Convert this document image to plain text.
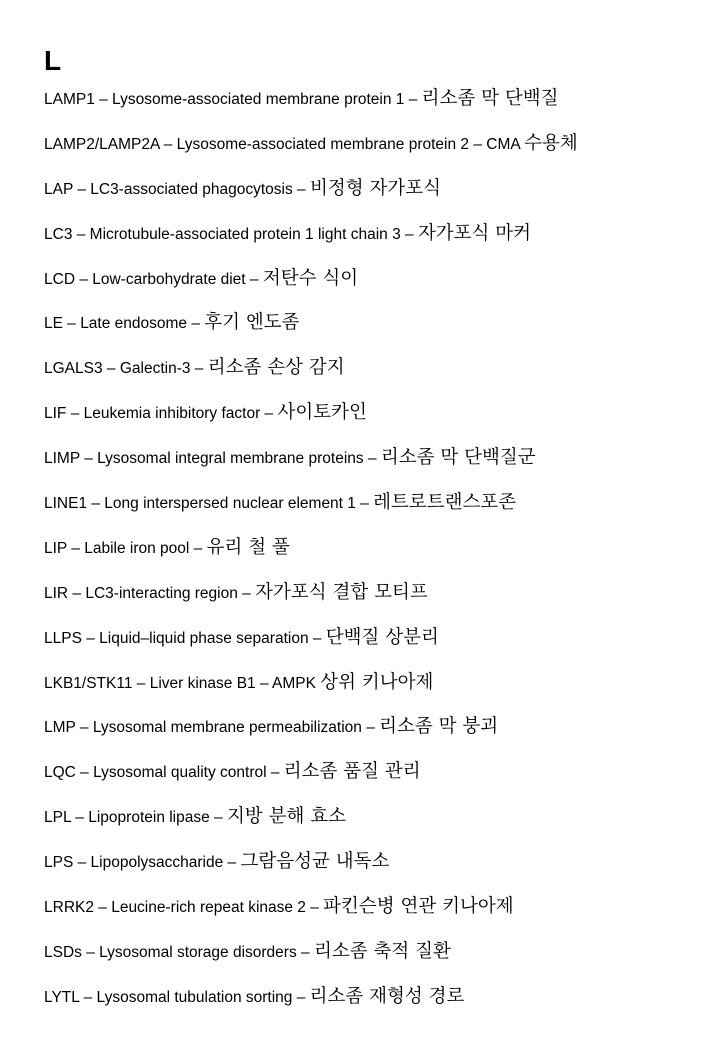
L
LAMP1 – Lysosome-associated membrane protein 1 – 리소좀 막 단백질
LAMP2/LAMP2A – Lysosome-associated membrane protein 2 – CMA 수용체
LAP – LC3-associated phagocytosis – 비정형 자가포식
LC3 – Microtubule-associated protein 1 light chain 3 – 자가포식 마커
LCD – Low-carbohydrate diet – 저탄수 식이
LE – Late endosome – 후기 엔도좀
LGALS3 – Galectin-3 – 리소좀 손상 감지
LIF – Leukemia inhibitory factor – 사이토카인
LIMP – Lysosomal integral membrane proteins – 리소좀 막 단백질군
LINE1 – Long interspersed nuclear element 1 – 레트로트랜스포존
LIP – Labile iron pool – 유리 철 풀
LIR – LC3-interacting region – 자가포식 결합 모티프
LLPS – Liquid–liquid phase separation – 단백질 상분리
LKB1/STK11 – Liver kinase B1 – AMPK 상위 키나아제
LMP – Lysosomal membrane permeabilization – 리소좀 막 붕괴
LQC – Lysosomal quality control – 리소좀 품질 관리
LPL – Lipoprotein lipase – 지방 분해 효소
LPS – Lipopolysaccharide – 그람음성균 내독소
LRRK2 – Leucine-rich repeat kinase 2 – 파킨슨병 연관 키나아제
LSDs – Lysosomal storage disorders – 리소좀 축적 질환
LYTL – Lysosomal tubulation sorting – 리소좀 재형성 경로
